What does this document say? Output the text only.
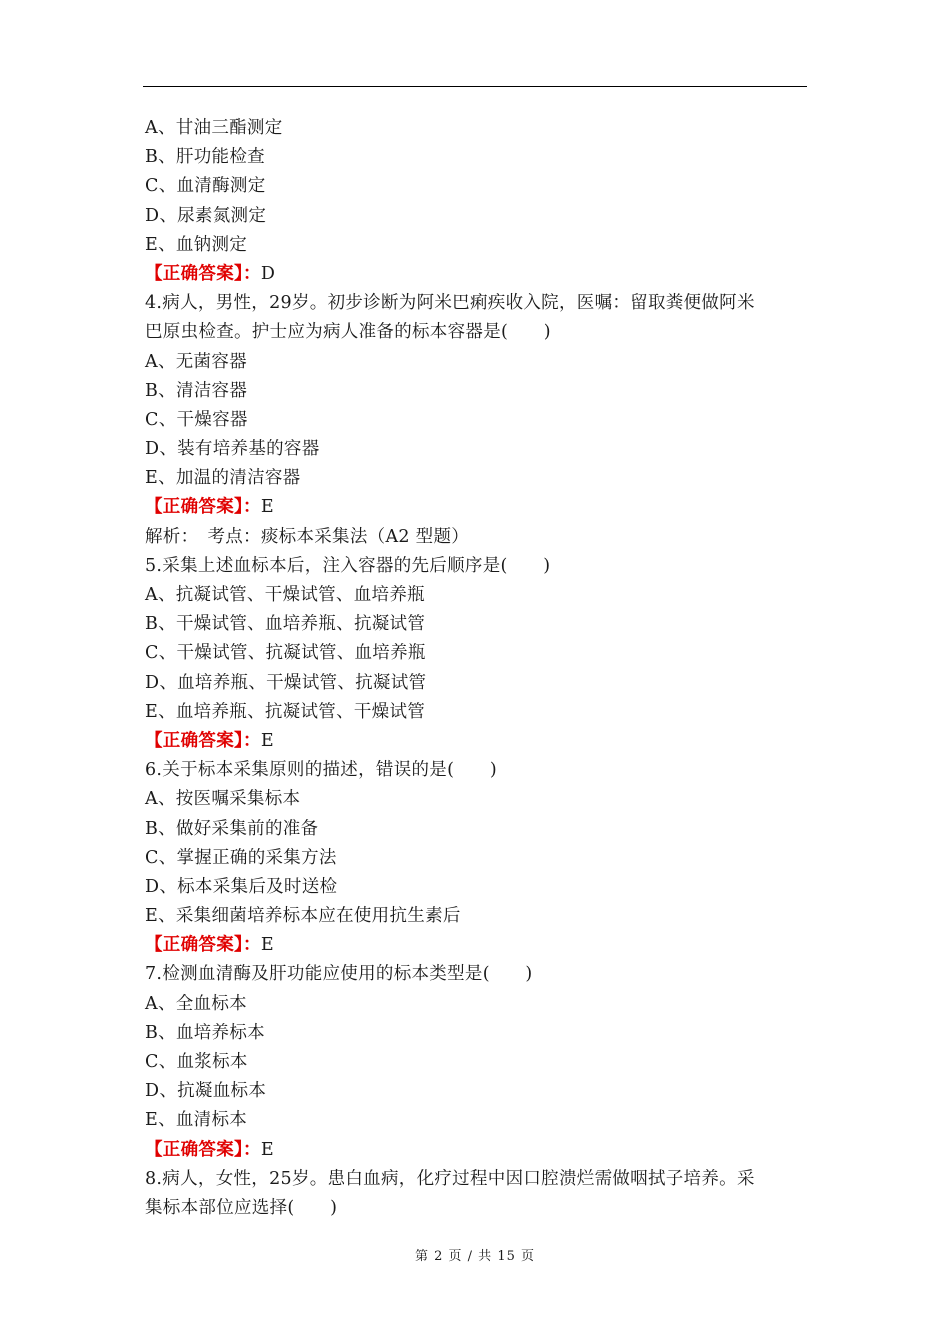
A、甘油三酯测定
B、肝功能检查
C、血清酶测定
D、尿素氮测定
E、血钠测定
【正确答案】：D
4.病人，男性，29岁。初步诊断为阿米巴痢疾收入院，医嘱：留取粪便做阿米
巴原虫检查。护士应为病人准备的标本容器是(　　)
A、无菌容器
B、清洁容器
C、干燥容器
D、装有培养基的容器
E、加温的清洁容器
【正确答案】：E
解析：　考点：痰标本采集法（A2 型题）
5.采集上述血标本后，注入容器的先后顺序是(　　)
A、抗凝试管、干燥试管、血培养瓶
B、干燥试管、血培养瓶、抗凝试管
C、干燥试管、抗凝试管、血培养瓶
D、血培养瓶、干燥试管、抗凝试管
E、血培养瓶、抗凝试管、干燥试管
【正确答案】：E
6.关于标本采集原则的描述，错误的是(　　)
A、按医嘱采集标本
B、做好采集前的准备
C、掌握正确的采集方法
D、标本采集后及时送检
E、采集细菌培养标本应在使用抗生素后
【正确答案】：E
7.检测血清酶及肝功能应使用的标本类型是(　　)
A、全血标本
B、血培养标本
C、血浆标本
D、抗凝血标本
E、血清标本
【正确答案】：E
8.病人，女性，25岁。患白血病，化疗过程中因口腔溃烂需做咽拭子培养。采
集标本部位应选择(　　)
第 2 页 / 共 15 页
